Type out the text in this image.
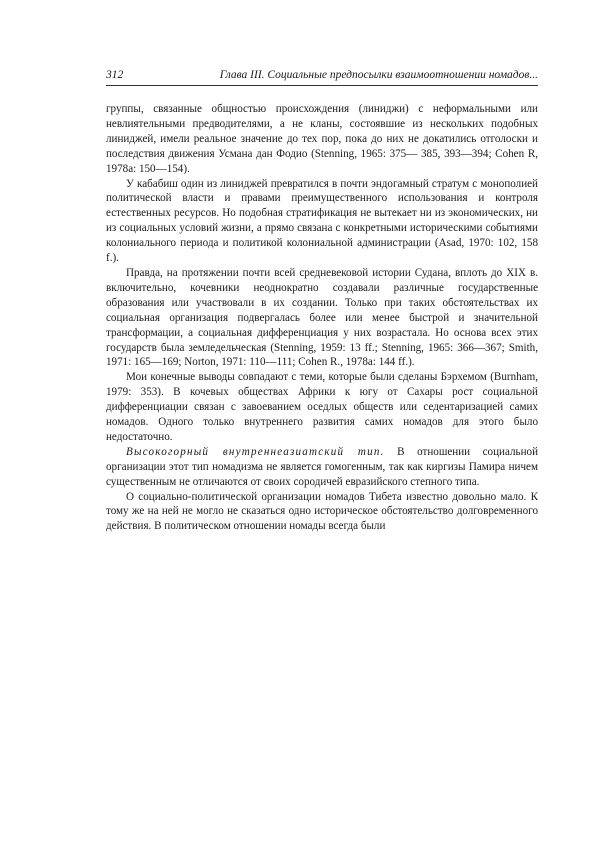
312	Глава III. Социальные предпосылки взаимоотношении номадов...

группы, связанные общностью происхождения (линиджи) с неформальными или невлиятельными предводителями, а не кланы, состоявшие из нескольких подобных линиджей, имели реальное значение до тех пор, пока до них не докатились отголоски и последствия движения Усмана дан Фодио (Stenning, 1965: 375— 385, 393—394; Cohen R, 1978a: 150—154).

У кабабиш один из линиджей превратился в почти эндогамный стратум с монополией политической власти и правами преимущественного использования и контроля естественных ресурсов. Но подобная стратификация не вытекает ни из экономических, ни из социальных условий жизни, а прямо связана с конкретными историческими событиями колониального периода и политикой колониальной администрации (Asad, 1970: 102, 158 f.).

Правда, на протяжении почти всей средневековой истории Судана, вплоть до XIX в. включительно, кочевники неоднократно создавали различные государственные образования или участвовали в их создании. Только при таких обстоятельствах их социальная организация подвергалась более или менее быстрой и значительной трансформации, а социальная дифференциация у них возрастала. Но основа всех этих государств была земледельческая (Stenning, 1959: 13 ff.; Stenning, 1965: 366—367; Smith, 1971: 165—169; Norton, 1971: 110—111; Cohen R., 1978a: 144 ff.).

Мои конечные выводы совпадают с теми, которые были сделаны Бэрхемом (Burnham, 1979: 353). В кочевых обществах Африки к югу от Сахары рост социальной дифференциации связан с завоеванием оседлых обществ или седентаризацией самих номадов. Одного только внутреннего развития самих номадов для этого было недостаточно.

Высокогорный внутреннеазиатский тип. В отношении социальной организации этот тип номадизма не является гомогенным, так как киргизы Памира ничем существенным не отличаются от своих сородичей евразийского степного типа.

О социально-политической организации номадов Тибета известно довольно мало. К тому же на ней не могло не сказаться одно историческое обстоятельство долговременного действия. В политическом отношении номады всегда были
